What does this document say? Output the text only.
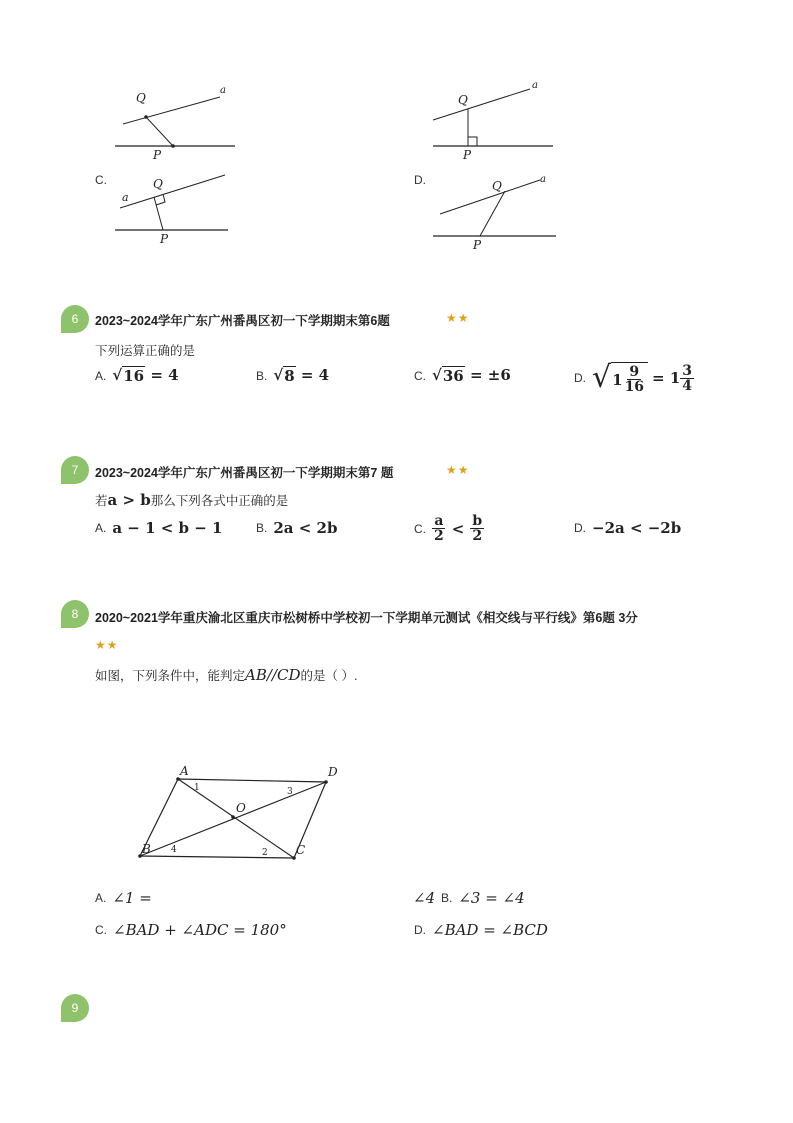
Q
a
P
Q
a
P
C.	Q
a
P
D.	Q	a
P
6	2023~2024学年广东广州番禺区初一下学期期末第6题	★★
下列运算正确的是
A. √ 16 = 4	B. √ 8 = 4	C. √ 36 = ±6	D. √ $1 \frac{9}{16} = 1 \frac{3}{4}$
7	2023~2024学年广东广州番禺区初一下学期期末第7 题	★★
若a > b那么下列各式中正确的是
A. a − 1 < b − 1	B. 2a < 2b	C. $\frac{a}{2} < \frac{b}{2}$	D. −2a < −2b
8	2020~2021学年重庆渝北区重庆市松树桥中学校初一下学期单元测试《相交线与平行线》第6题 3分
★★
如图，下列条件中，能判定AB//CD的是（ ）.
A	D
C
B
O
1	3
4	2
A. ∠1 =	∠4 B. ∠3 = ∠4
C. ∠BAD + ∠ADC = 180°	D. ∠BAD = ∠BCD
9
